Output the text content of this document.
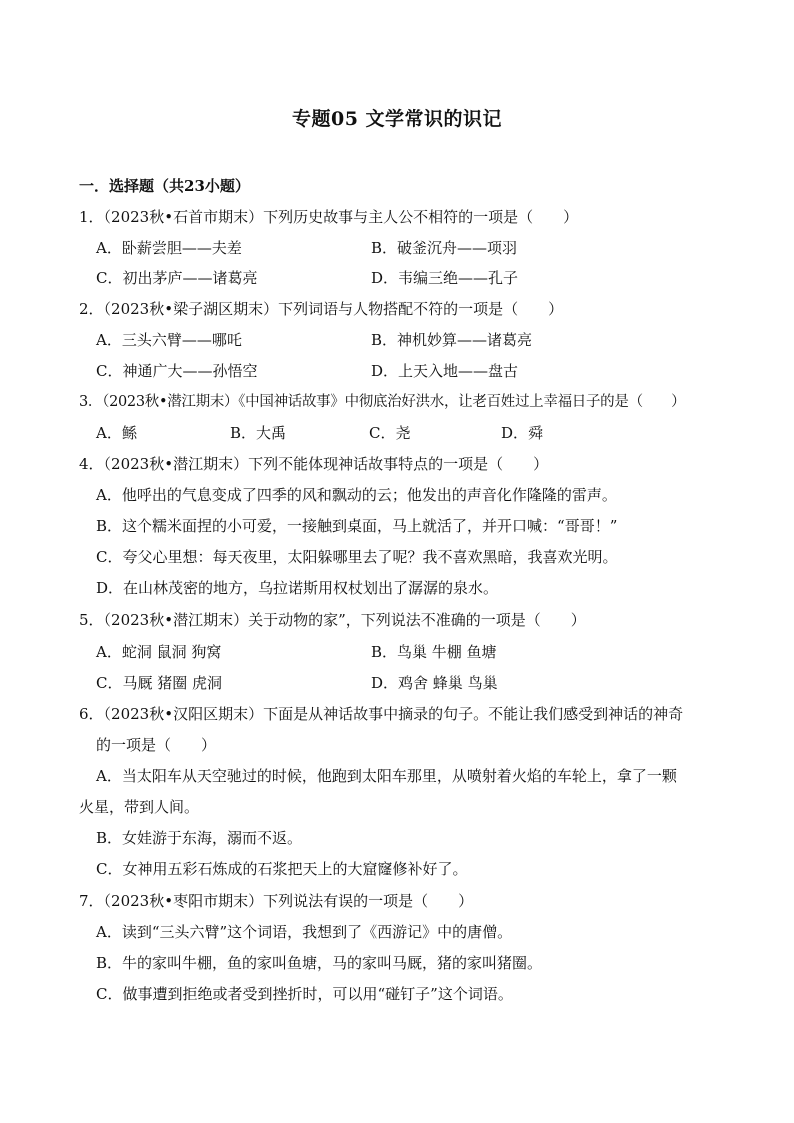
专题05 文学常识的识记
一．选择题（共23小题）
1．（2023秋•石首市期末）下列历史故事与主人公不相符的一项是（　　）
A．卧薪尝胆——夫差	B．破釜沉舟——项羽
C．初出茅庐——诸葛亮	D．韦编三绝——孔子
2．（2023秋•梁子湖区期末）下列词语与人物搭配不符的一项是（　　）
A．三头六臂——哪吒	B．神机妙算——诸葛亮
C．神通广大——孙悟空	D．上天入地——盘古
3．（2023秋•潜江期末）《中国神话故事》中彻底治好洪水，让老百姓过上幸福日子的是（　　）
A．鲧	B．大禹	C．尧	D．舜
4．（2023秋•潜江期末）下列不能体现神话故事特点的一项是（　　）
A．他呼出的气息变成了四季的风和飘动的云；他发出的声音化作隆隆的雷声。
B．这个糯米面捏的小可爱，一接触到桌面，马上就活了，并开口喊：“哥哥！”
C．夸父心里想：每天夜里，太阳躲哪里去了呢？我不喜欢黑暗，我喜欢光明。
D．在山林茂密的地方，乌拉诺斯用权杖划出了潺潺的泉水。
5．（2023秋•潜江期末）关于动物的家”，下列说法不准确的一项是（　　）
A．蛇洞 鼠洞 狗窝	B．鸟巢 牛棚 鱼塘
C．马厩 猪圈 虎洞	D．鸡舍 蜂巢 鸟巢
6．（2023秋•汉阳区期末）下面是从神话故事中摘录的句子。不能让我们感受到神话的神奇
的一项是（　　）
A．当太阳车从天空驰过的时候，他跑到太阳车那里，从喷射着火焰的车轮上，拿了一颗
火星，带到人间。
B．女娃游于东海，溺而不返。
C．女神用五彩石炼成的石浆把天上的大窟窿修补好了。
7．（2023秋•枣阳市期末）下列说法有误的一项是（　　）
A．读到“三头六臂”这个词语，我想到了《西游记》中的唐僧。
B．牛的家叫牛棚，鱼的家叫鱼塘，马的家叫马厩，猪的家叫猪圈。
C．做事遭到拒绝或者受到挫折时，可以用“碰钉子”这个词语。
